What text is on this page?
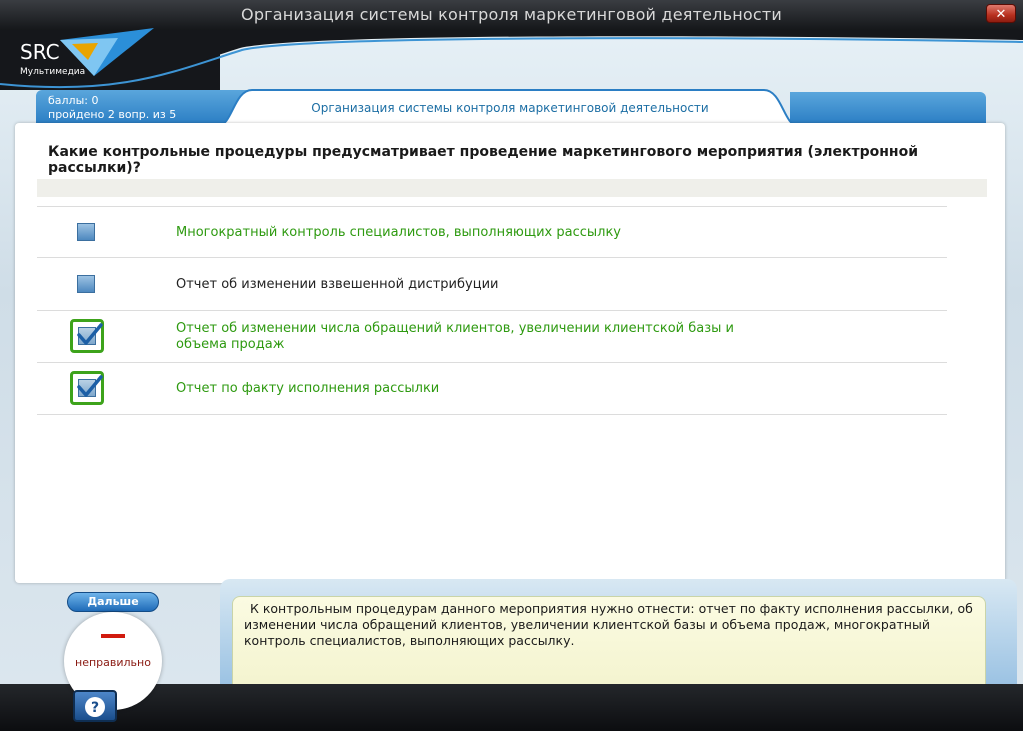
Организация системы контроля маркетинговой деятельности	✕
SRC
Мультимедиа
баллы: 0
пройдено 2 вопр. из 5	Организация системы контроля маркетинговой деятельности
Какие контрольные процедуры предусматривает проведение маркетингового мероприятия (электронной рассылки)?
Многократный контроль специалистов, выполняющих рассылку
Отчет об изменении взвешенной дистрибуции
Отчет об изменении числа обращений клиентов, увеличении клиентской базы и объема продаж
Отчет по факту исполнения рассылки
К контрольным процедурам данного мероприятия нужно отнести: отчет по факту исполнения рассылки, об изменении числа обращений клиентов, увеличении клиентской базы и объема продаж, многократный контроль специалистов, выполняющих рассылку.
Дальше
неправильно
?
